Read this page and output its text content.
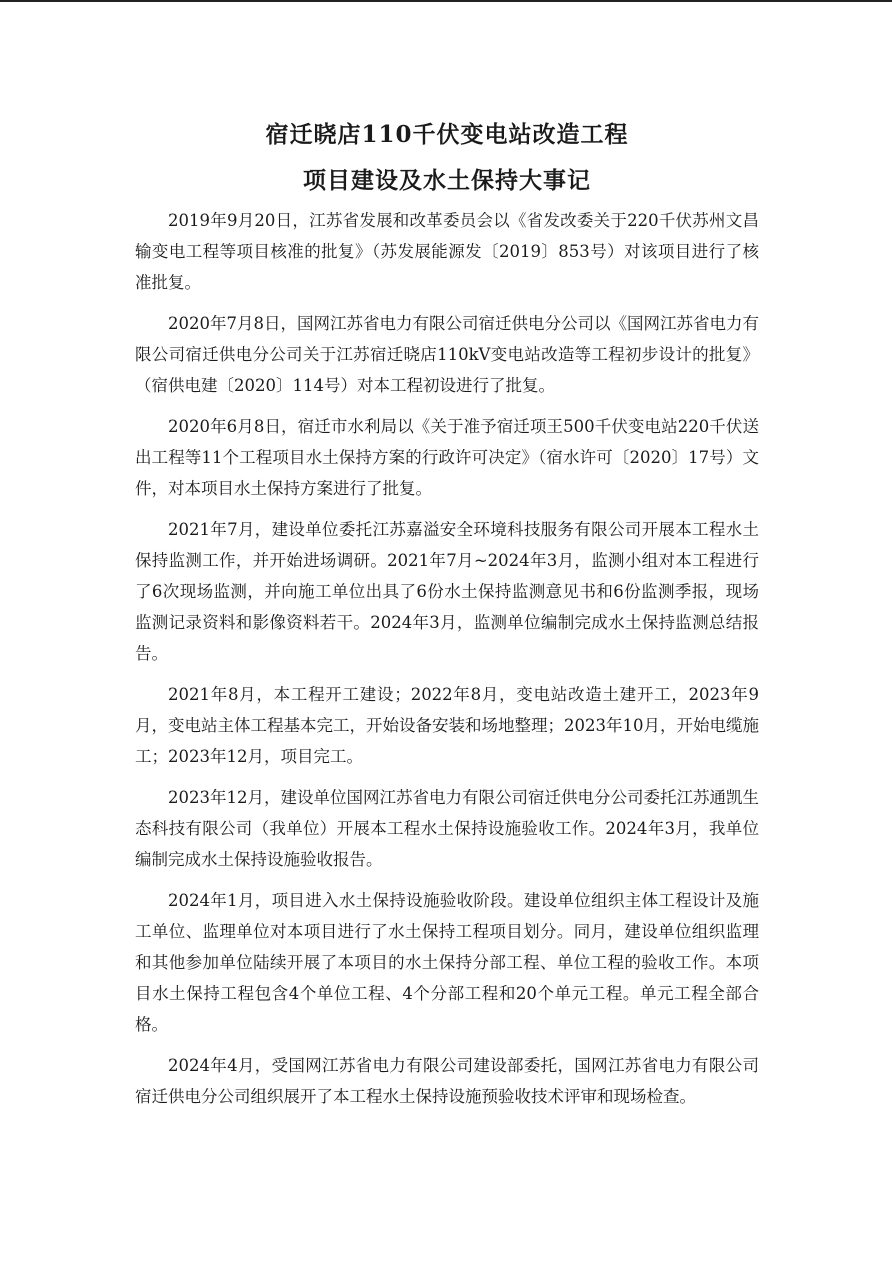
宿迁晓店110千伏变电站改造工程
项目建设及水土保持大事记

2019年9月20日，江苏省发展和改革委员会以《省发改委关于220千伏苏州文昌输变电工程等项目核准的批复》（苏发展能源发〔2019〕853号）对该项目进行了核准批复。

2020年7月8日，国网江苏省电力有限公司宿迁供电分公司以《国网江苏省电力有限公司宿迁供电分公司关于江苏宿迁晓店110kV变电站改造等工程初步设计的批复》（宿供电建〔2020〕114号）对本工程初设进行了批复。

2020年6月8日，宿迁市水利局以《关于准予宿迁项王500千伏变电站220千伏送出工程等11个工程项目水土保持方案的行政许可决定》（宿水许可〔2020〕17号）文件，对本项目水土保持方案进行了批复。

2021年7月，建设单位委托江苏嘉溢安全环境科技服务有限公司开展本工程水土保持监测工作，并开始进场调研。2021年7月~2024年3月，监测小组对本工程进行了6次现场监测，并向施工单位出具了6份水土保持监测意见书和6份监测季报，现场监测记录资料和影像资料若干。2024年3月，监测单位编制完成水土保持监测总结报告。

2021年8月，本工程开工建设；2022年8月，变电站改造土建开工，2023年9月，变电站主体工程基本完工，开始设备安装和场地整理；2023年10月，开始电缆施工；2023年12月，项目完工。

2023年12月，建设单位国网江苏省电力有限公司宿迁供电分公司委托江苏通凯生态科技有限公司（我单位）开展本工程水土保持设施验收工作。2024年3月，我单位编制完成水土保持设施验收报告。

2024年1月，项目进入水土保持设施验收阶段。建设单位组织主体工程设计及施工单位、监理单位对本项目进行了水土保持工程项目划分。同月，建设单位组织监理和其他参加单位陆续开展了本项目的水土保持分部工程、单位工程的验收工作。本项目水土保持工程包含4个单位工程、4个分部工程和20个单元工程。单元工程全部合格。

2024年4月，受国网江苏省电力有限公司建设部委托，国网江苏省电力有限公司宿迁供电分公司组织展开了本工程水土保持设施预验收技术评审和现场检查。
